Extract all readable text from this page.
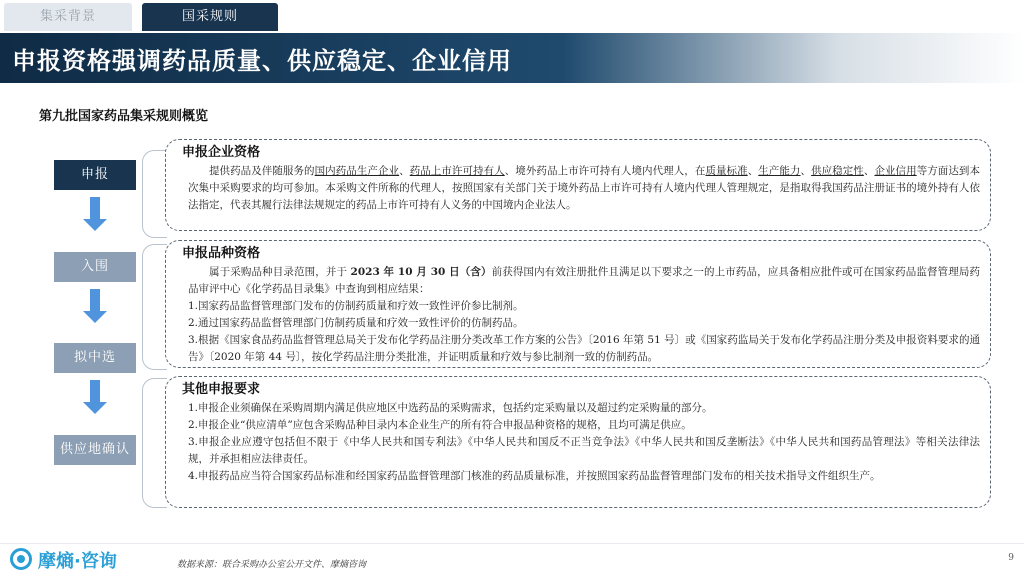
集采背景	国采规则
申报资格强调药品质量、供应稳定、企业信用
第九批国家药品集采规则概览
申报
入围
拟中选
供应地确认
申报企业资格

提供药品及伴随服务的国内药品生产企业、药品上市许可持有人、境外药品上市许可持有人境内代理人，在质量标准、生产能力、供应稳定性、企业信用等方面达到本次集中采购要求的均可参加。本采购文件所称的代理人，按照国家有关部门关于境外药品上市许可持有人境内代理人管理规定，是指取得我国药品注册证书的境外持有人依法指定，代表其履行法律法规规定的药品上市许可持有人义务的中国境内企业法人。

申报品种资格

属于采购品种目录范围，并于 2023 年 10 月 30 日（含）前获得国内有效注册批件且满足以下要求之一的上市药品，应具备相应批件或可在国家药品监督管理局药品审评中心《化学药品目录集》中查询到相应结果：

1.国家药品监督管理部门发布的仿制药质量和疗效一致性评价参比制剂。

2.通过国家药品监督管理部门仿制药质量和疗效一致性评价的仿制药品。

3.根据《国家食品药品监督管理总局关于发布化学药品注册分类改革工作方案的公告》〔2016 年第 51 号〕或《国家药监局关于发布化学药品注册分类及申报资料要求的通告》〔2020 年第 44 号〕，按化学药品注册分类批准，并证明质量和疗效与参比制剂一致的仿制药品。

其他申报要求

1.申报企业须确保在采购周期内满足供应地区中选药品的采购需求，包括约定采购量以及超过约定采购量的部分。

2.申报企业“供应清单”应包含采购品种目录内本企业生产的所有符合申报品种资格的规格，且均可满足供应。

3.申报企业应遵守包括但不限于《中华人民共和国专利法》《中华人民共和国反不正当竞争法》《中华人民共和国反垄断法》《中华人民共和国药品管理法》等相关法律法规，并承担相应法律责任。

4.申报药品应当符合国家药品标准和经国家药品监督管理部门核准的药品质量标准，并按照国家药品监督管理部门发布的相关技术指导文件组织生产。

摩熵·咨询	数据来源：联合采购办公室公开文件、摩熵咨询
9
